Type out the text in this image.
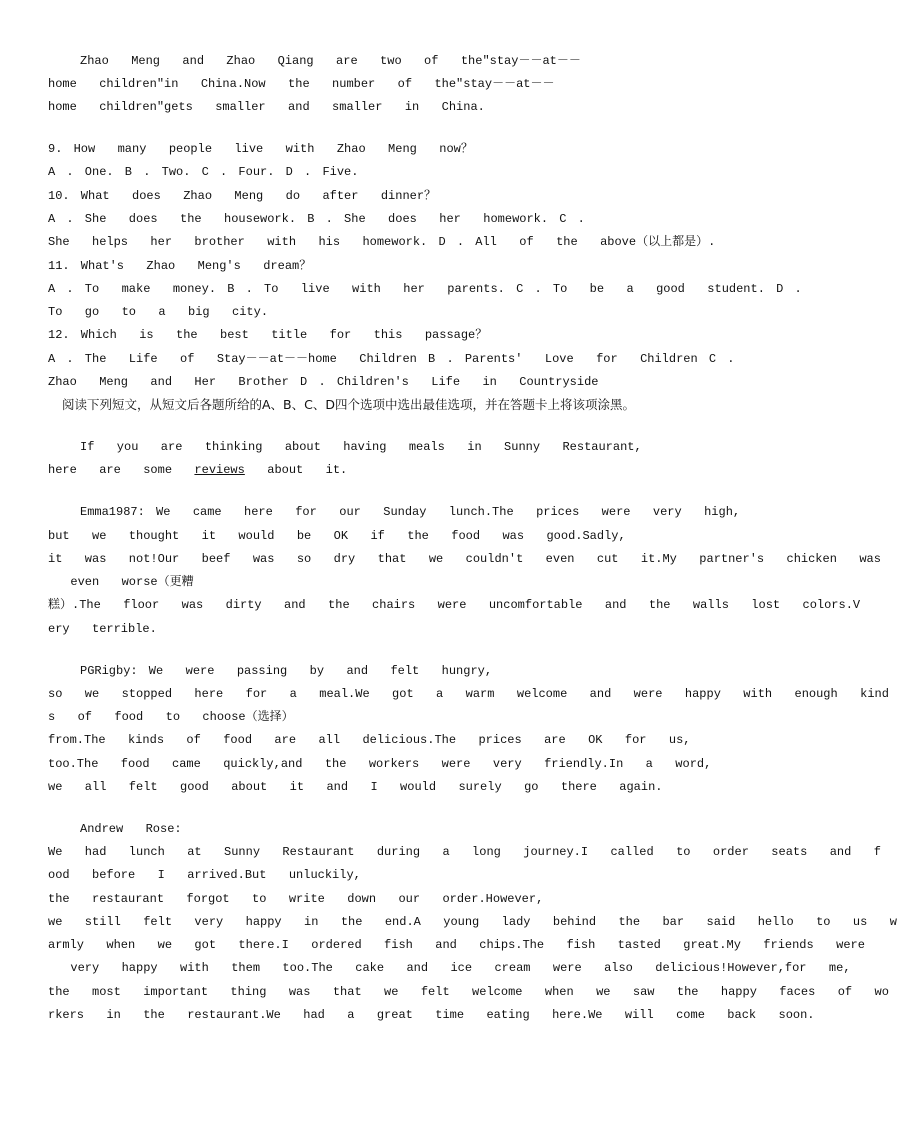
Zhao  Meng  and  Zhao  Qiang  are  two  of  the"stay－－at－－
home  children"in  China.Now  the  number  of  the"stay－－at－－
home  children"gets  smaller  and  smaller  in  China.
9. How  many  people  live  with  Zhao  Meng  now？
A . One. B . Two. C . Four. D . Five.
10. What  does  Zhao  Meng  do  after  dinner？
A . She  does  the  housework. B . She  does  her  homework. C .
She  helps  her  brother  with  his  homework. D . All  of  the  above（以上都是）.
11. What's  Zhao  Meng's  dream？
A . To  make  money. B . To  live  with  her  parents. C . To  be  a  good  student. D .
To  go  to  a  big  city.
12. Which  is  the  best  title  for  this  passage？
A . The  Life  of  Stay－－at－－home  Children B . Parents'  Love  for  Children C .
Zhao  Meng  and  Her  Brother D . Children's  Life  in  Countryside
阅读下列短文，从短文后各题所给的A、B、C、D四个选项中选出最佳选项，并在答题卡上将该项涂黑。
If  you  are  thinking  about  having  meals  in  Sunny  Restaurant,
here  are  some  reviews  about  it.
Emma1987: We  came  here  for  our  Sunday  lunch.The  prices  were  very  high,
but  we  thought  it  would  be  OK  if  the  food  was  good.Sadly,
it  was  not!Our  beef  was  so  dry  that  we  couldn't  even  cut  it.My  partner's  chicken  was
even  worse（更糟
糕）.The  floor  was  dirty  and  the  chairs  were  uncomfortable  and  the  walls  lost  colors.V
ery  terrible.
PGRigby: We  were  passing  by  and  felt  hungry,
so  we  stopped  here  for  a  meal.We  got  a  warm  welcome  and  were  happy  with  enough  kind
s  of  food  to  choose（选择）
from.The  kinds  of  food  are  all  delicious.The  prices  are  OK  for  us,
too.The  food  came  quickly,and  the  workers  were  very  friendly.In  a  word,
we  all  felt  good  about  it  and  I  would  surely  go  there  again.
Andrew  Rose:
We  had  lunch  at  Sunny  Restaurant  during  a  long  journey.I  called  to  order  seats  and  f
ood  before  I  arrived.But  unluckily,
the  restaurant  forgot  to  write  down  our  order.However,
we  still  felt  very  happy  in  the  end.A  young  lady  behind  the  bar  said  hello  to  us  w
armly  when  we  got  there.I  ordered  fish  and  chips.The  fish  tasted  great.My  friends  were
very  happy  with  them  too.The  cake  and  ice  cream  were  also  delicious!However,for  me,
the  most  important  thing  was  that  we  felt  welcome  when  we  saw  the  happy  faces  of  wo
rkers  in  the  restaurant.We  had  a  great  time  eating  here.We  will  come  back  soon.
